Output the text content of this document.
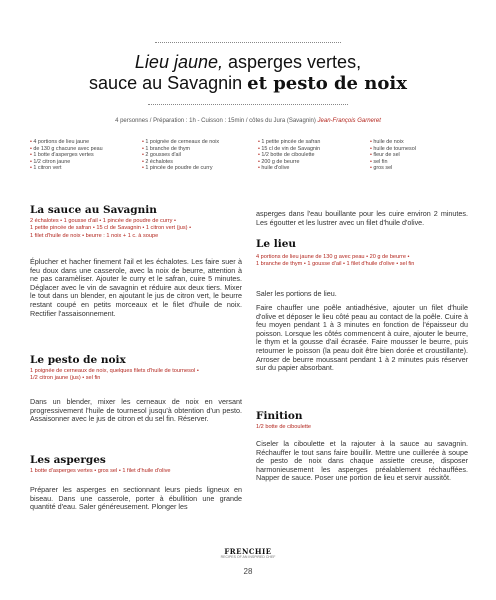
Lieu jaune, asperges vertes,
sauce au Savagnin et pesto de noix
4 personnes / Préparation : 1h - Cuisson : 15min / côtes du Jura (Savagnin) Jean-François Garneret
• 4 portions de lieu jaune
• de 130 g chacune avec peau
• 1 botte d'asperges vertes
• 1/2 citron jaune
• 1 citron vert
• 1 poignée de cerneaux de noix
• 1 branche de thym
• 2 gousses d'ail
• 2 échalotes
• 1 pincée de poudre de curry
• 1 petite pincée de safran
• 15 cl de vin de Savagnin
• 1/2 botte de ciboulette
• 200 g de beurre
• huile d'olive
• huile de noix
• huile de tournesol
• fleur de sel
• sel fin
• gros sel
La sauce au Savagnin
2 échalotes • 1 gousse d'ail • 1 pincée de poudre de curry •
1 petite pincée de safran • 15 cl de Savagnin • 1 citron vert (jus) •
1 filet d'huile de noix • beurre : 1 noix + 1 c. à soupe
Éplucher et hacher finement l'ail et les échalotes. Les faire suer à feu doux dans une casserole, avec la noix de beurre, attention à ne pas caramèliser. Ajouter le curry et le safran, cuire 5 minutes. Déglacer avec le vin de savagnin et réduire aux deux tiers. Mixer le tout dans un blender, en ajoutant le jus de citron vert, le beurre restant coupé en petits morceaux et le filet d'huile de noix. Rectifier l'assaisonnement.
Le pesto de noix
1 poignée de cerneaux de noix, quelques filets d'huile de tournesol •
1/2 citron jaune (jus) • sel fin
Dans un blender, mixer les cerneaux de noix en versant progressivement l'huile de tournesol jusqu'à obtention d'un pesto. Assaisonner avec le jus de citron et du sel fin. Réserver.
Les asperges
1 botte d'asperges vertes • gros sel • 1 filet d'huile d'olive
Préparer les asperges en sectionnant leurs pieds ligneux en biseau. Dans une casserole, porter à ébullition une grande quantité d'eau. Saler généreusement. Plonger les
asperges dans l'eau bouillante pour les cuire environ 2 minutes. Les égoutter et les lustrer avec un filet d'huile d'olive.
Le lieu
4 portions de lieu jaune de 130 g avec peau • 20 g de beurre •
1 branche de thym • 1 gousse d'ail • 1 filet d'huile d'olive • sel fin
Saler les portions de lieu.
Faire chauffer une poêle antiadhésive, ajouter un filet d'huile d'olive et déposer le lieu côté peau au contact de la poêle. Cuire à feu moyen pendant 1 à 3 minutes en fonction de l'épaisseur du poisson. Lorsque les côtés commencent à cuire, ajouter le beurre, le thym et la gousse d'ail écrasée. Faire mousser le beurre, puis retourner le poisson (la peau doit être bien dorée et croustillante). Arroser de beurre moussant pendant 1 à 2 minutes puis réserver sur du papier absorbant.
Finition
1/2 botte de ciboulette
Ciseler la ciboulette et la rajouter à la sauce au savagnin. Réchauffer le tout sans faire bouillir. Mettre une cuillerée à soupe de pesto de noix dans chaque assiette creuse, disposer harmonieusement les asperges préalablement réchauffées. Napper de sauce. Poser une portion de lieu et servir aussitôt.
FRENCHIE
RECIPES OF AN INSPIRED CHEF
28
